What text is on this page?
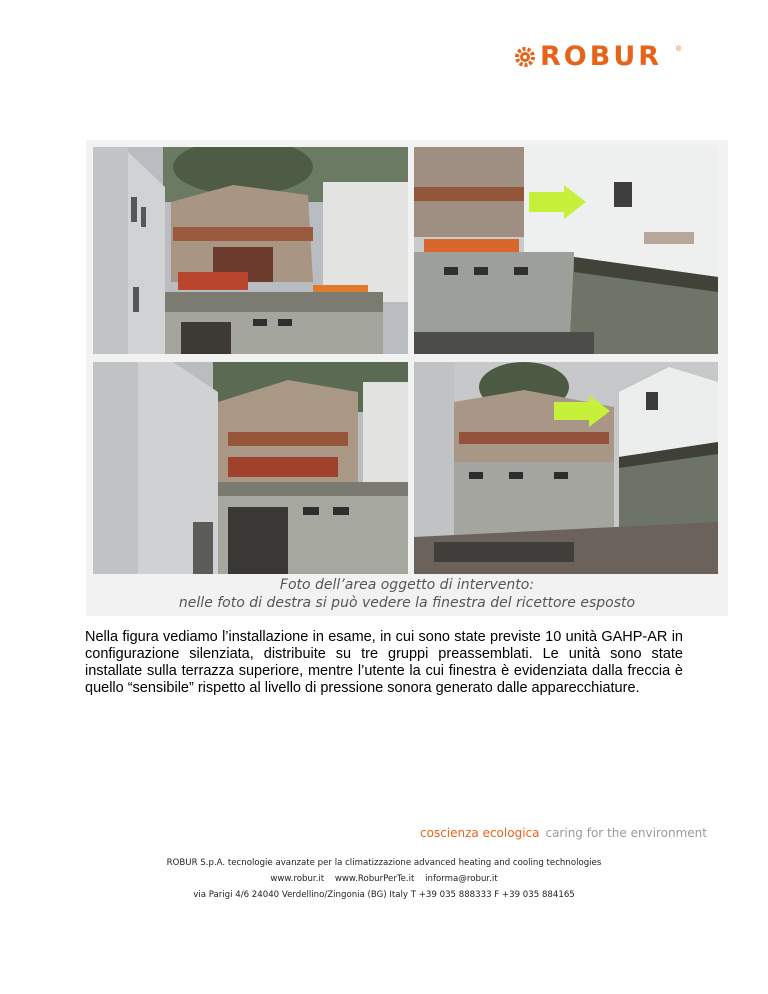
ROBUR ®
Foto dell’area oggetto di intervento:
nelle foto di destra si può vedere la finestra del ricettore esposto

Nella figura vediamo l’installazione in esame, in cui sono state previste 10 unità GAHP-AR in configurazione silenziata, distribuite su tre gruppi preassemblati. Le unità sono state installate sulla terrazza superiore, mentre l’utente la cui finestra è evidenziata dalla freccia è quello “sensibile” rispetto al livello di pressione sonora generato dalle apparecchiature.

coscienza ecologica caring for the environment
ROBUR S.p.A. tecnologie avanzate per la climatizzazione advanced heating and cooling technologies
www.robur.it www.RoburPerTe.it informa@robur.it
via Parigi 4/6 24040 Verdellino/Zingonia (BG) Italy T +39 035 888333 F +39 035 884165
